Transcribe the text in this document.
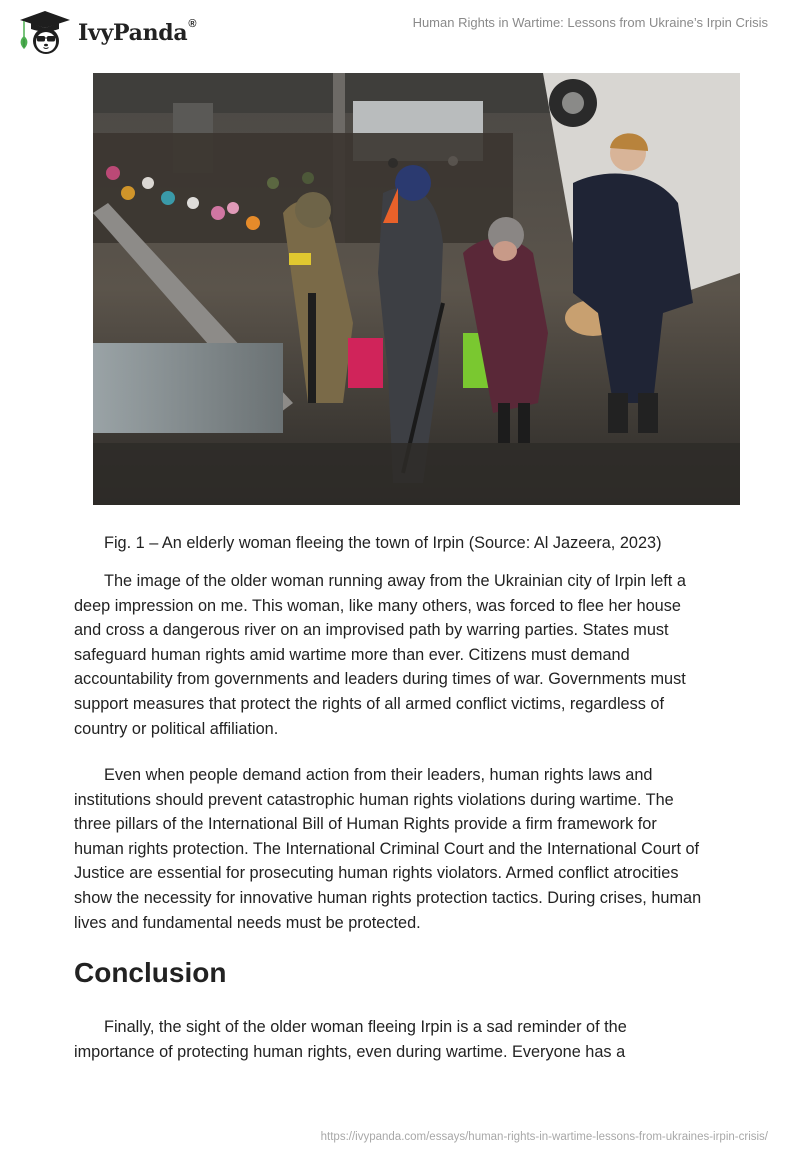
IvyPanda®	Human Rights in Wartime: Lessons from Ukraine’s Irpin Crisis
Fig. 1 – An elderly woman fleeing the town of Irpin (Source: Al Jazeera, 2023)
The image of the older woman running away from the Ukrainian city of Irpin left a
deep impression on me. This woman, like many others, was forced to flee her house
and cross a dangerous river on an improvised path by warring parties. States must
safeguard human rights amid wartime more than ever. Citizens must demand
accountability from governments and leaders during times of war. Governments must
support measures that protect the rights of all armed conflict victims, regardless of
country or political affiliation.
Even when people demand action from their leaders, human rights laws and
institutions should prevent catastrophic human rights violations during wartime. The
three pillars of the International Bill of Human Rights provide a firm framework for
human rights protection. The International Criminal Court and the International Court of
Justice are essential for prosecuting human rights violators. Armed conflict atrocities
show the necessity for innovative human rights protection tactics. During crises, human
lives and fundamental needs must be protected.
Conclusion
Finally, the sight of the older woman fleeing Irpin is a sad reminder of the
importance of protecting human rights, even during wartime. Everyone has a
https://ivypanda.com/essays/human-rights-in-wartime-lessons-from-ukraines-irpin-crisis/
